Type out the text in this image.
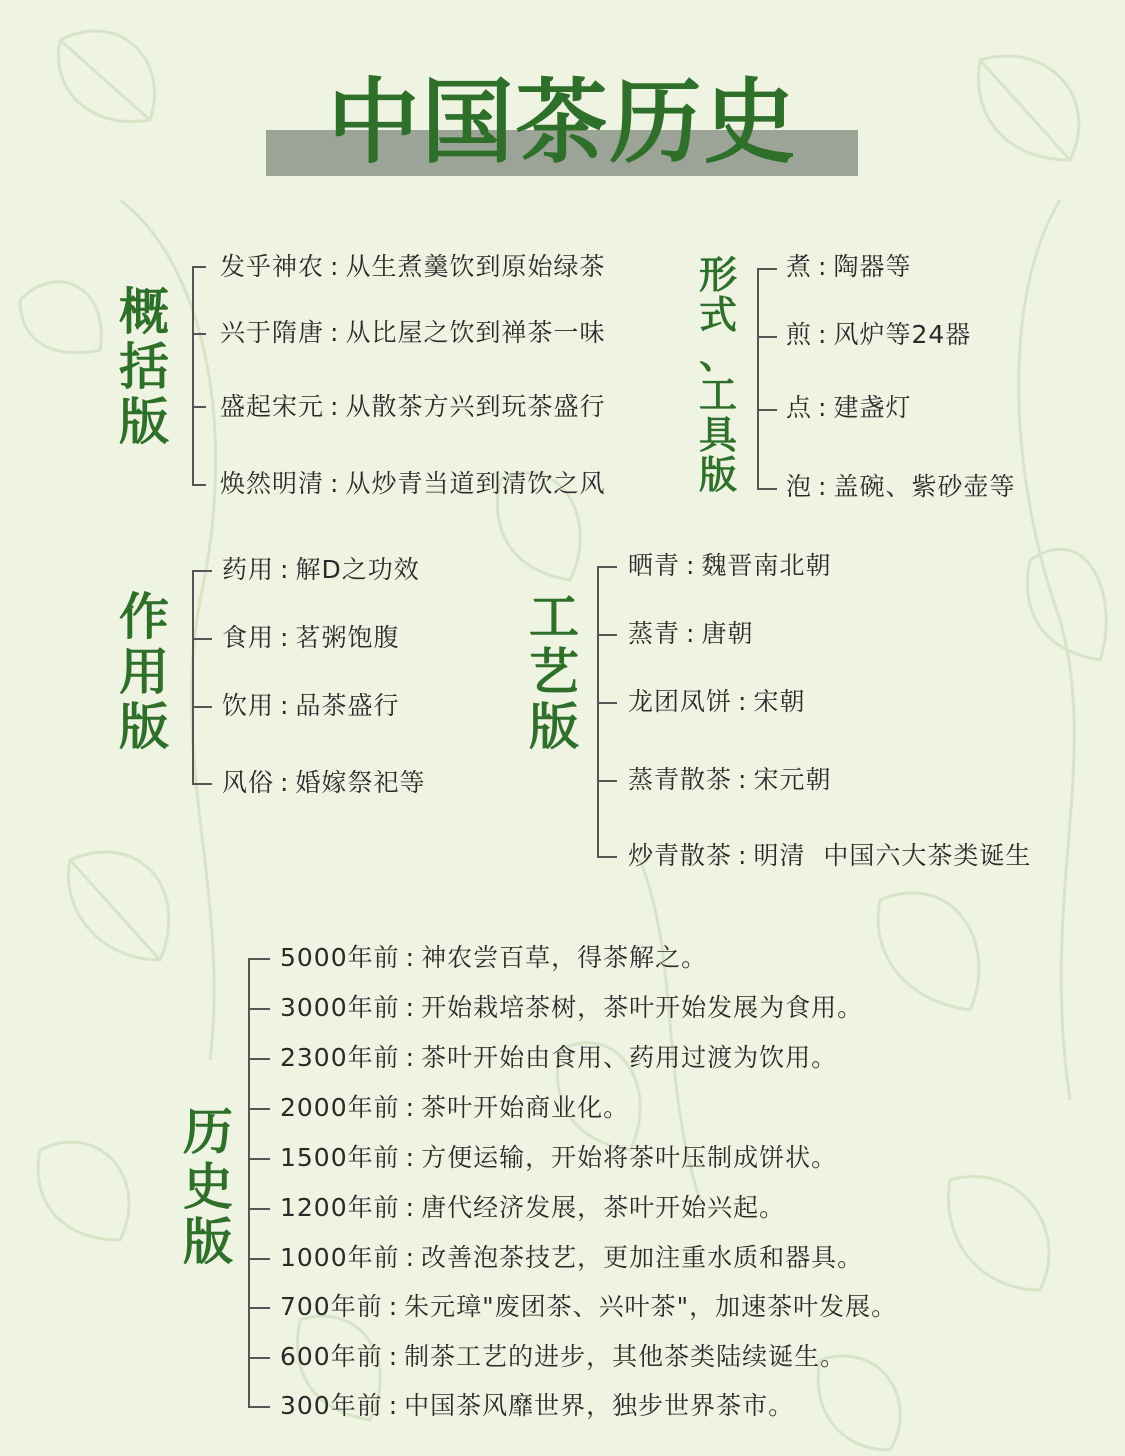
中国茶历史
概
括
版
发乎神农 : 从生煮羹饮到原始绿茶
兴于隋唐 : 从比屋之饮到禅茶一味
盛起宋元 : 从散茶方兴到玩茶盛行
焕然明清 : 从炒青当道到清饮之风
形
式
、
工
具
版
煮 : 陶器等
煎 : 风炉等24器
点 : 建盏灯
泡 : 盖碗、紫砂壶等
作
用
版
药用 : 解D之功效
食用 : 茗粥饱腹
饮用 : 品茶盛行
风俗 : 婚嫁祭祀等
工
艺
版
晒青 : 魏晋南北朝
蒸青 : 唐朝
龙团凤饼 : 宋朝
蒸青散茶 : 宋元朝
炒青散茶 : 明清  中国六大茶类诞生
历
史
版
5000年前 : 神农尝百草，得茶解之。
3000年前 : 开始栽培茶树，茶叶开始发展为食用。
2300年前 : 茶叶开始由食用、药用过渡为饮用。
2000年前 : 茶叶开始商业化。
1500年前 : 方便运输，开始将茶叶压制成饼状。
1200年前 : 唐代经济发展，茶叶开始兴起。
1000年前 : 改善泡茶技艺，更加注重水质和器具。
700年前 : 朱元璋"废团茶、兴叶茶"，加速茶叶发展。
600年前 : 制茶工艺的进步，其他茶类陆续诞生。
300年前 : 中国茶风靡世界，独步世界茶市。
